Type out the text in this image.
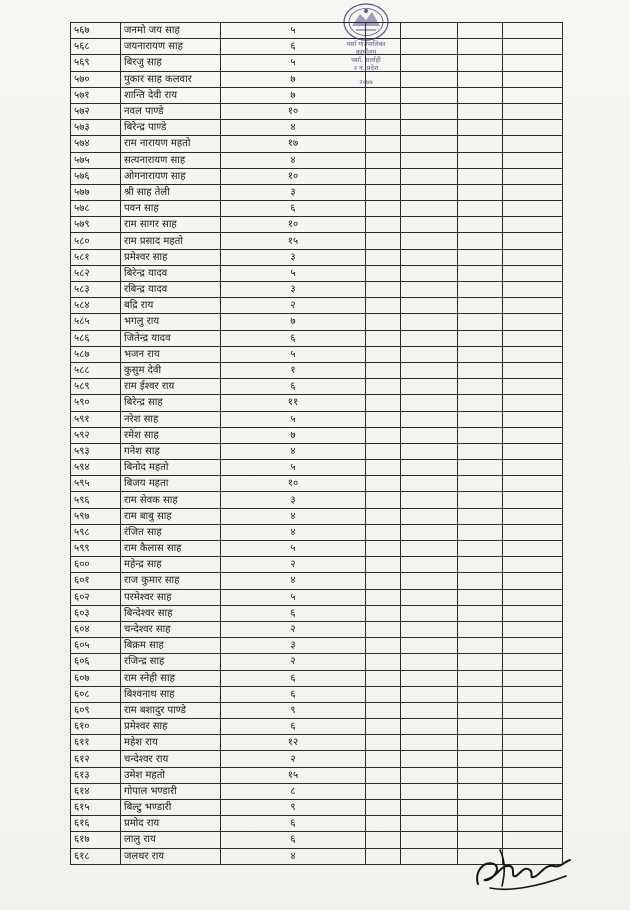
५६७	जनमो जय साह	५				
५६८	जयनारायण साह	६				
५६९	बिरजु साह	५				
५७०	पुकार साह कलवार	७				
५७१	शान्ति देवी राय	७				
५७२	नवल पाण्डे	१०				
५७३	बिरेन्द्र पाण्डे	४				
५७४	राम नारायण महतो	१७				
५७५	सत्यनारायण साह	४				
५७६	ओगनारायण साह	१०				
५७७	श्री साह तेली	३				
५७८	पवन साह	६				
५७९	राम सागर साह	१०				
५८०	राम प्रसाद महतो	१५				
५८१	प्रमेश्वर साह	३				
५८२	बिरेन्द्र यादव	५				
५८३	रबिन्द्र यादव	३				
५८४	बद्रि राय	२				
५८५	भगलु राय	७				
५८६	जितेन्द्र यादव	६				
५८७	भजन राय	५				
५८८	कुसुम देवी	१				
५८९	राम ईश्वर राय	६				
५९०	बिरेन्द्र साह	११				
५९१	नरेश साह	५				
५९२	रमेश साह	७				
५९३	गनेश साह	४				
५९४	बिनोद महतो	५				
५९५	बिजय महता	१०				
५९६	राम सेवक साह	३				
५९७	राम बाबु साह	४				
५९८	रंजित साह	४				
५९९	राम कैलास साह	५				
६००	महेन्द्र साह	२				
६०१	राज कुमार साह	४				
६०२	परमेश्वर साह	५				
६०३	बिन्देश्वर साह	६				
६०४	चन्देश्वर साह	२				
६०५	बिक्रम साह	३				
६०६	रजिन्द्र साह	२				
६०७	राम स्नेही साह	६				
६०८	बिश्वनाथ साह	६				
६०९	राम बशादुर पाण्डे	९				
६१०	प्रमेश्वर साह	६				
६११	महेश राय	१२				
६१२	चन्देश्वर राय	२				
६१३	उमेश महतो	१५				
६१४	गोपाल भण्डारी	८				
६१५	बिल्टु भण्डारी	९				
६१६	प्रमोद राय	६				
६१७	लालु राय	६				
६१८	जलधर राय	४				
पर्सा गाउँपालिका
कार्यालय
पर्सा, सर्लाही
२ नं. प्रदेश
२०७७
